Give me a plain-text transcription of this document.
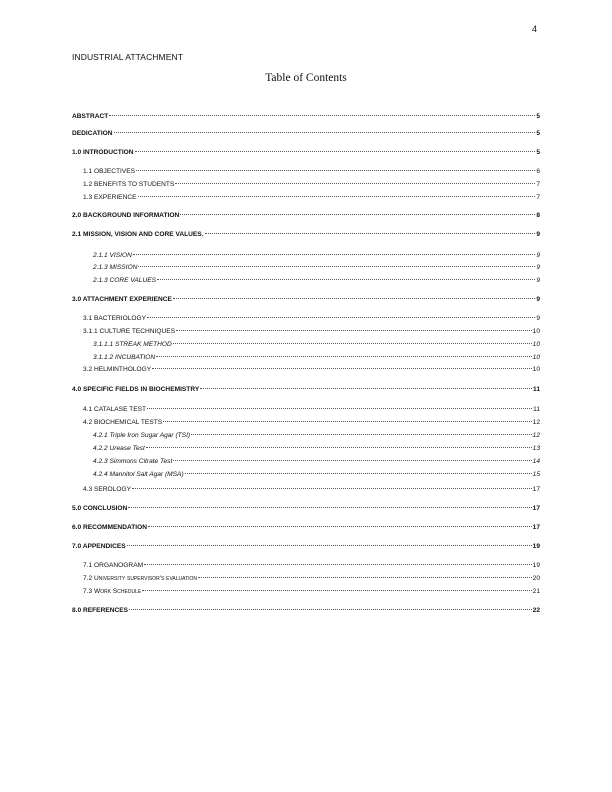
4
INDUSTRIAL ATTACHMENT
Table of Contents
ABSTRACT	5
DEDICATION	5
1.0 INTRODUCTION	5
1.1 OBJECTIVES	6
1.2 BENEFITS TO STUDENTS	7
1.3 EXPERIENCE	7
2.0 BACKGROUND INFORMATION	8
2.1 MISSION, VISION AND CORE VALUES.	9
2.1.1 VISION	9
2.1.3 MISSION	9
2.1.3 CORE VALUES	9
3.0 ATTACHMENT EXPERIENCE	9
3.1 BACTERIOLOGY	9
3.1.1 CULTURE TECHNIQUES	10
3.1.1.1 STREAK METHOD	10
3.1.1.2 INCUBATION	10
3.2 HELMINTHOLOGY	10
4.0 SPECIFIC FIELDS IN BIOCHEMISTRY	11
4.1 CATALASE TEST	11
4.2 BIOCHEMICAL TESTS	12
4.2.1 Triple Iron Sugar Agar (TSI)	12
4.2.2 Urease Test	13
4.2.3 Simmons Citrate Test	14
4.2.4 Mannitol Salt Agar (MSA)	15
4.3 SEROLOGY	17
5.0 CONCLUSION	17
6.0 RECOMMENDATION	17
7.0 APPENDICES	19
7.1 ORGANOGRAM	19
7.2 University supervisor's evaluation	20
7.3 Work Schedule	21
8.0 REFERENCES	22
